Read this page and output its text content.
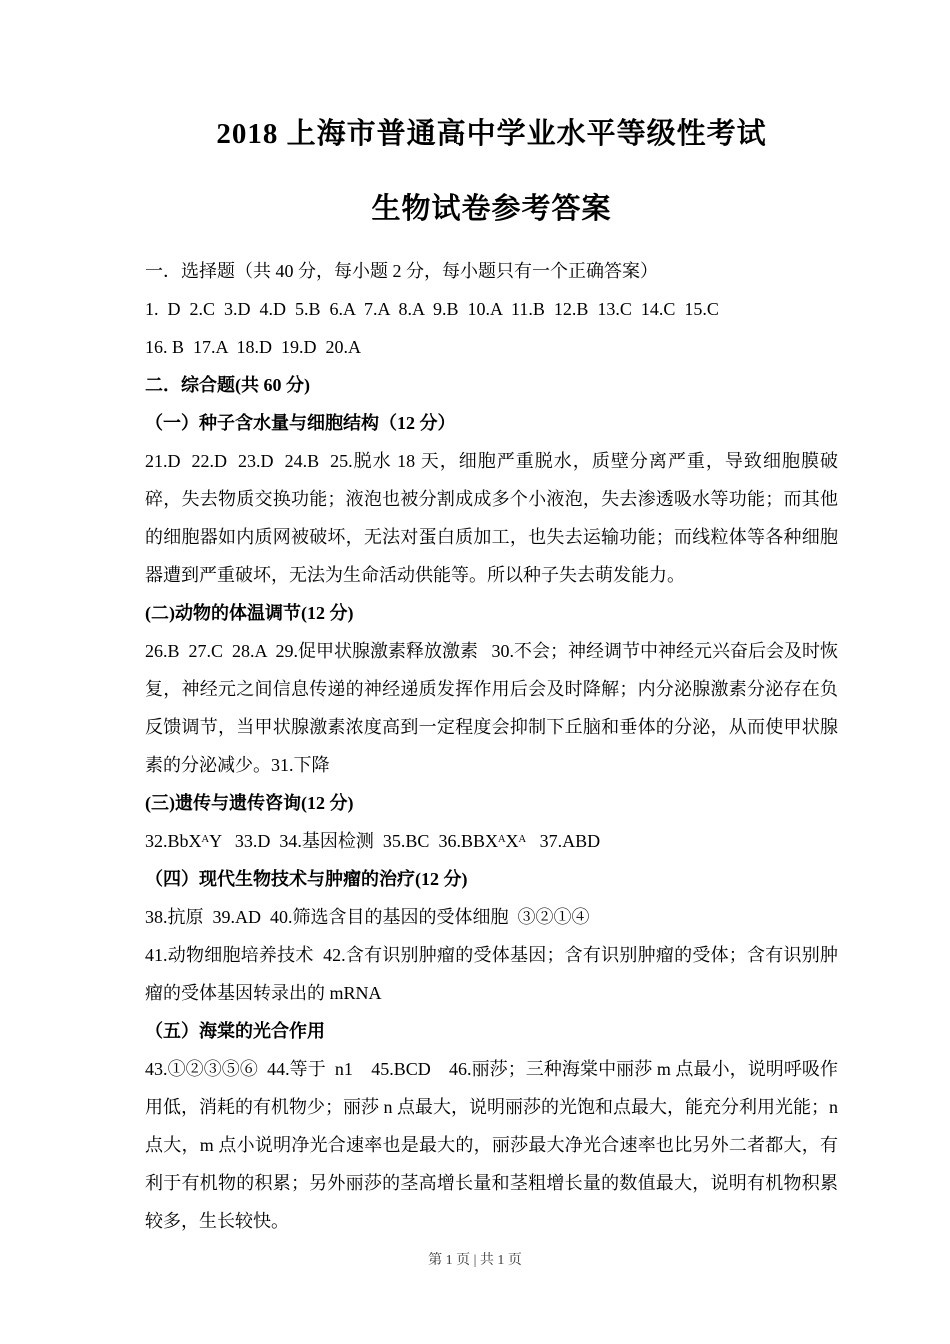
2018 上海市普通高中学业水平等级性考试

生物试卷参考答案

一．选择题（共 40 分，每小题 2 分，每小题只有一个正确答案）

1.  D  2.C  3.D  4.D  5.B  6.A  7.A  8.A  9.B  10.A  11.B  12.B  13.C  14.C  15.C

16. B  17.A  18.D  19.D  20.A

二．综合题(共 60 分)

（一）种子含水量与细胞结构（12 分）

21.D  22.D  23.D  24.B  25.脱水 18 天，细胞严重脱水，质壁分离严重，导致细胞膜破碎，失去物质交换功能；液泡也被分割成成多个小液泡，失去渗透吸水等功能；而其他的细胞器如内质网被破坏，无法对蛋白质加工，也失去运输功能；而线粒体等各种细胞器遭到严重破坏，无法为生命活动供能等。所以种子失去萌发能力。

(二)动物的体温调节(12 分)

26.B  27.C  28.A  29.促甲状腺激素释放激素   30.不会；神经调节中神经元兴奋后会及时恢复，神经元之间信息传递的神经递质发挥作用后会及时降解；内分泌腺激素分泌存在负反馈调节，当甲状腺激素浓度高到一定程度会抑制下丘脑和垂体的分泌，从而使甲状腺素的分泌减少。31.下降

(三)遗传与遗传咨询(12 分)

32.BbXᴬY   33.D  34.基因检测  35.BC  36.BBXᴬXᴬ   37.ABD

（四）现代生物技术与肿瘤的治疗(12 分)

38.抗原  39.AD  40.筛选含目的基因的受体细胞  ③②①④

41.动物细胞培养技术  42.含有识别肿瘤的受体基因；含有识别肿瘤的受体；含有识别肿瘤的受体基因转录出的 mRNA

（五）海棠的光合作用

43.①②③⑤⑥  44.等于  n1    45.BCD    46.丽莎；三种海棠中丽莎 m 点最小，说明呼吸作用低，消耗的有机物少；丽莎 n 点最大，说明丽莎的光饱和点最大，能充分利用光能；n 点大，m 点小说明净光合速率也是最大的，丽莎最大净光合速率也比另外二者都大，有利于有机物的积累；另外丽莎的茎高增长量和茎粗增长量的数值最大，说明有机物积累较多，生长较快。

第 1 页 | 共 1 页
